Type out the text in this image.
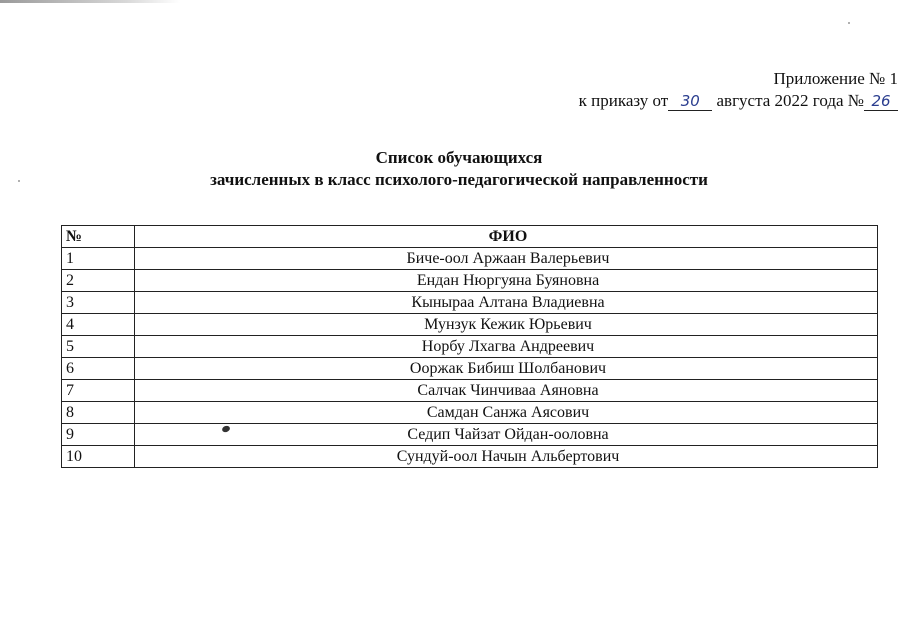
Приложение № 1
к приказу от 30 августа 2022 года № 26
Список обучающихся
зачисленных в класс психолого-педагогической направленности
№	ФИО
1	Биче-оол Аржаан Валерьевич
2	Ендан Нюргуяна Буяновна
3	Кынырaa Алтана Владиевна
4	Мунзук Кежик Юрьевич
5	Норбу Лхагва Андреевич
6	Ооржак Бибиш Шолбанович
7	Салчак Чинчиваа Аяновна
8	Самдан Санжа Аясович
9	Седип Чайзат Ойдан-ооловна
10	Сундуй-оол Начын Альбертович
